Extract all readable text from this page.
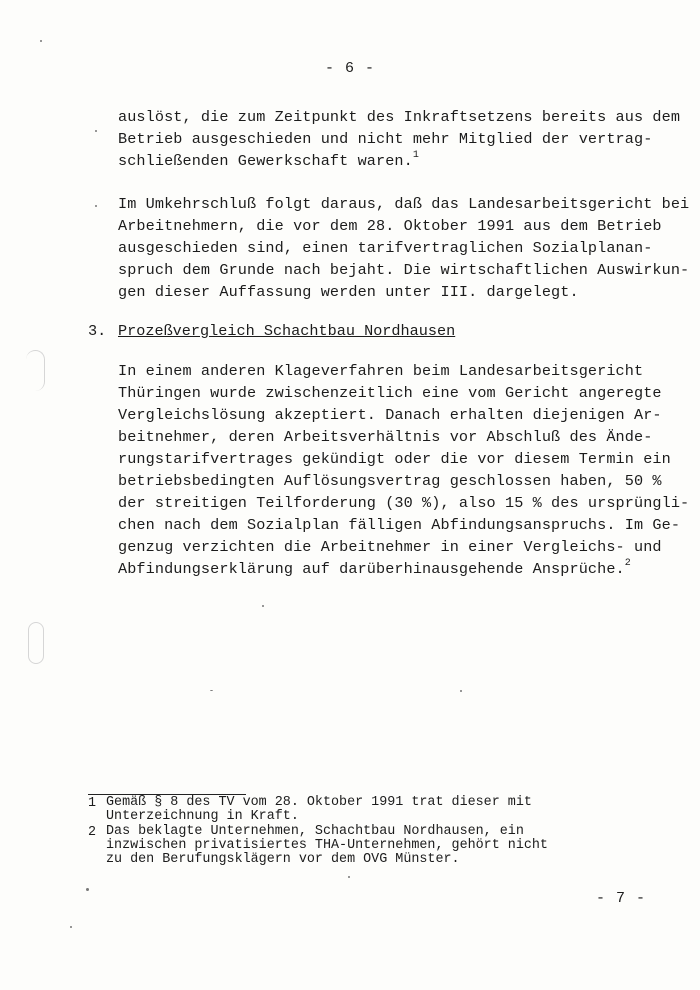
- 6 -
auslöst, die zum Zeitpunkt des Inkraftsetzens bereits aus dem
Betrieb ausgeschieden und nicht mehr Mitglied der vertrag-
schließenden Gewerkschaft waren.$^1$
Im Umkehrschluß folgt daraus, daß das Landesarbeitsgericht bei
Arbeitnehmern, die vor dem 28. Oktober 1991 aus dem Betrieb
ausgeschieden sind, einen tarifvertraglichen Sozialplanan-
spruch dem Grunde nach bejaht. Die wirtschaftlichen Auswirkun-
gen dieser Auffassung werden unter III. dargelegt.
3. Prozeßvergleich Schachtbau Nordhausen
In einem anderen Klageverfahren beim Landesarbeitsgericht
Thüringen wurde zwischenzeitlich eine vom Gericht angeregte
Vergleichslösung akzeptiert. Danach erhalten diejenigen Ar-
beitnehmer, deren Arbeitsverhältnis vor Abschluß des Ände-
rungstarifvertrages gekündigt oder die vor diesem Termin ein
betriebsbedingten Auflösungsvertrag geschlossen haben, 50 %
der streitigen Teilforderung (30 %), also 15 % des ursprüngli-
chen nach dem Sozialplan fälligen Abfindungsanspruchs. Im Ge-
genzug verzichten die Arbeitnehmer in einer Vergleichs- und
Abfindungserklärung auf darüberhinausgehende Ansprüche.$^2$
1 Gemäß § 8 des TV vom 28. Oktober 1991 trat dieser mit
Unterzeichnung in Kraft.
2 Das beklagte Unternehmen, Schachtbau Nordhausen, ein
inzwischen privatisiertes THA-Unternehmen, gehört nicht
zu den Berufungsklägern vor dem OVG Münster.
- 7 -
